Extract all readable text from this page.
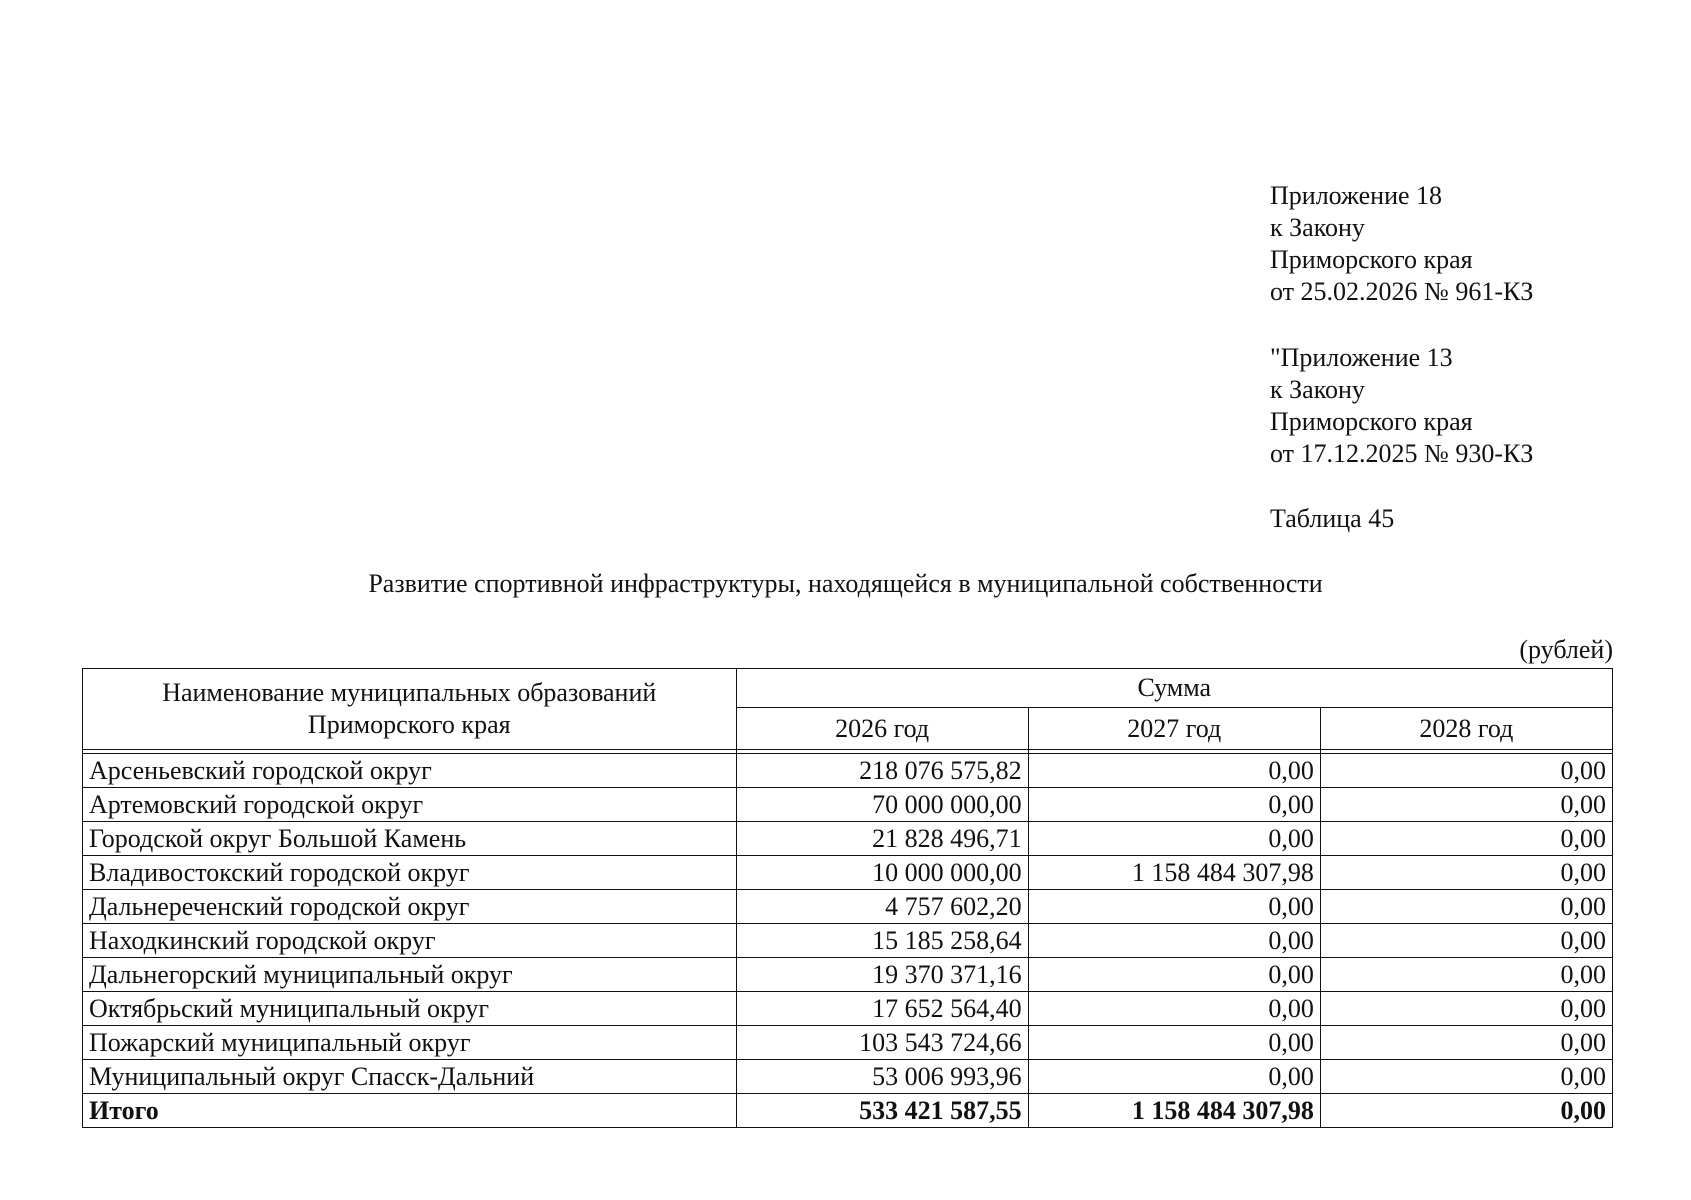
Приложение 18
к Закону
Приморского края
от 25.02.2026 № 961-КЗ
"Приложение 13
к Закону
Приморского края
от 17.12.2025 № 930-КЗ
Таблица 45
Развитие спортивной инфраструктуры, находящейся в муниципальной собственности
(рублей)
Наименование муниципальных образований
Приморского края	Сумма		
	2026 год	2027 год	2028 год

Арсеньевский городской округ	218 076 575,82	0,00	0,00
Артемовский городской округ	70 000 000,00	0,00	0,00
Городской округ Большой Камень	21 828 496,71	0,00	0,00
Владивостокский городской округ	10 000 000,00	1 158 484 307,98	0,00
Дальнереченский городской округ	4 757 602,20	0,00	0,00
Находкинский городской округ	15 185 258,64	0,00	0,00
Дальнегорский муниципальный округ	19 370 371,16	0,00	0,00
Октябрьский муниципальный округ	17 652 564,40	0,00	0,00
Пожарский муниципальный округ	103 543 724,66	0,00	0,00
Муниципальный округ Спасск-Дальний	53 006 993,96	0,00	0,00
Итого	533 421 587,55	1 158 484 307,98	0,00
